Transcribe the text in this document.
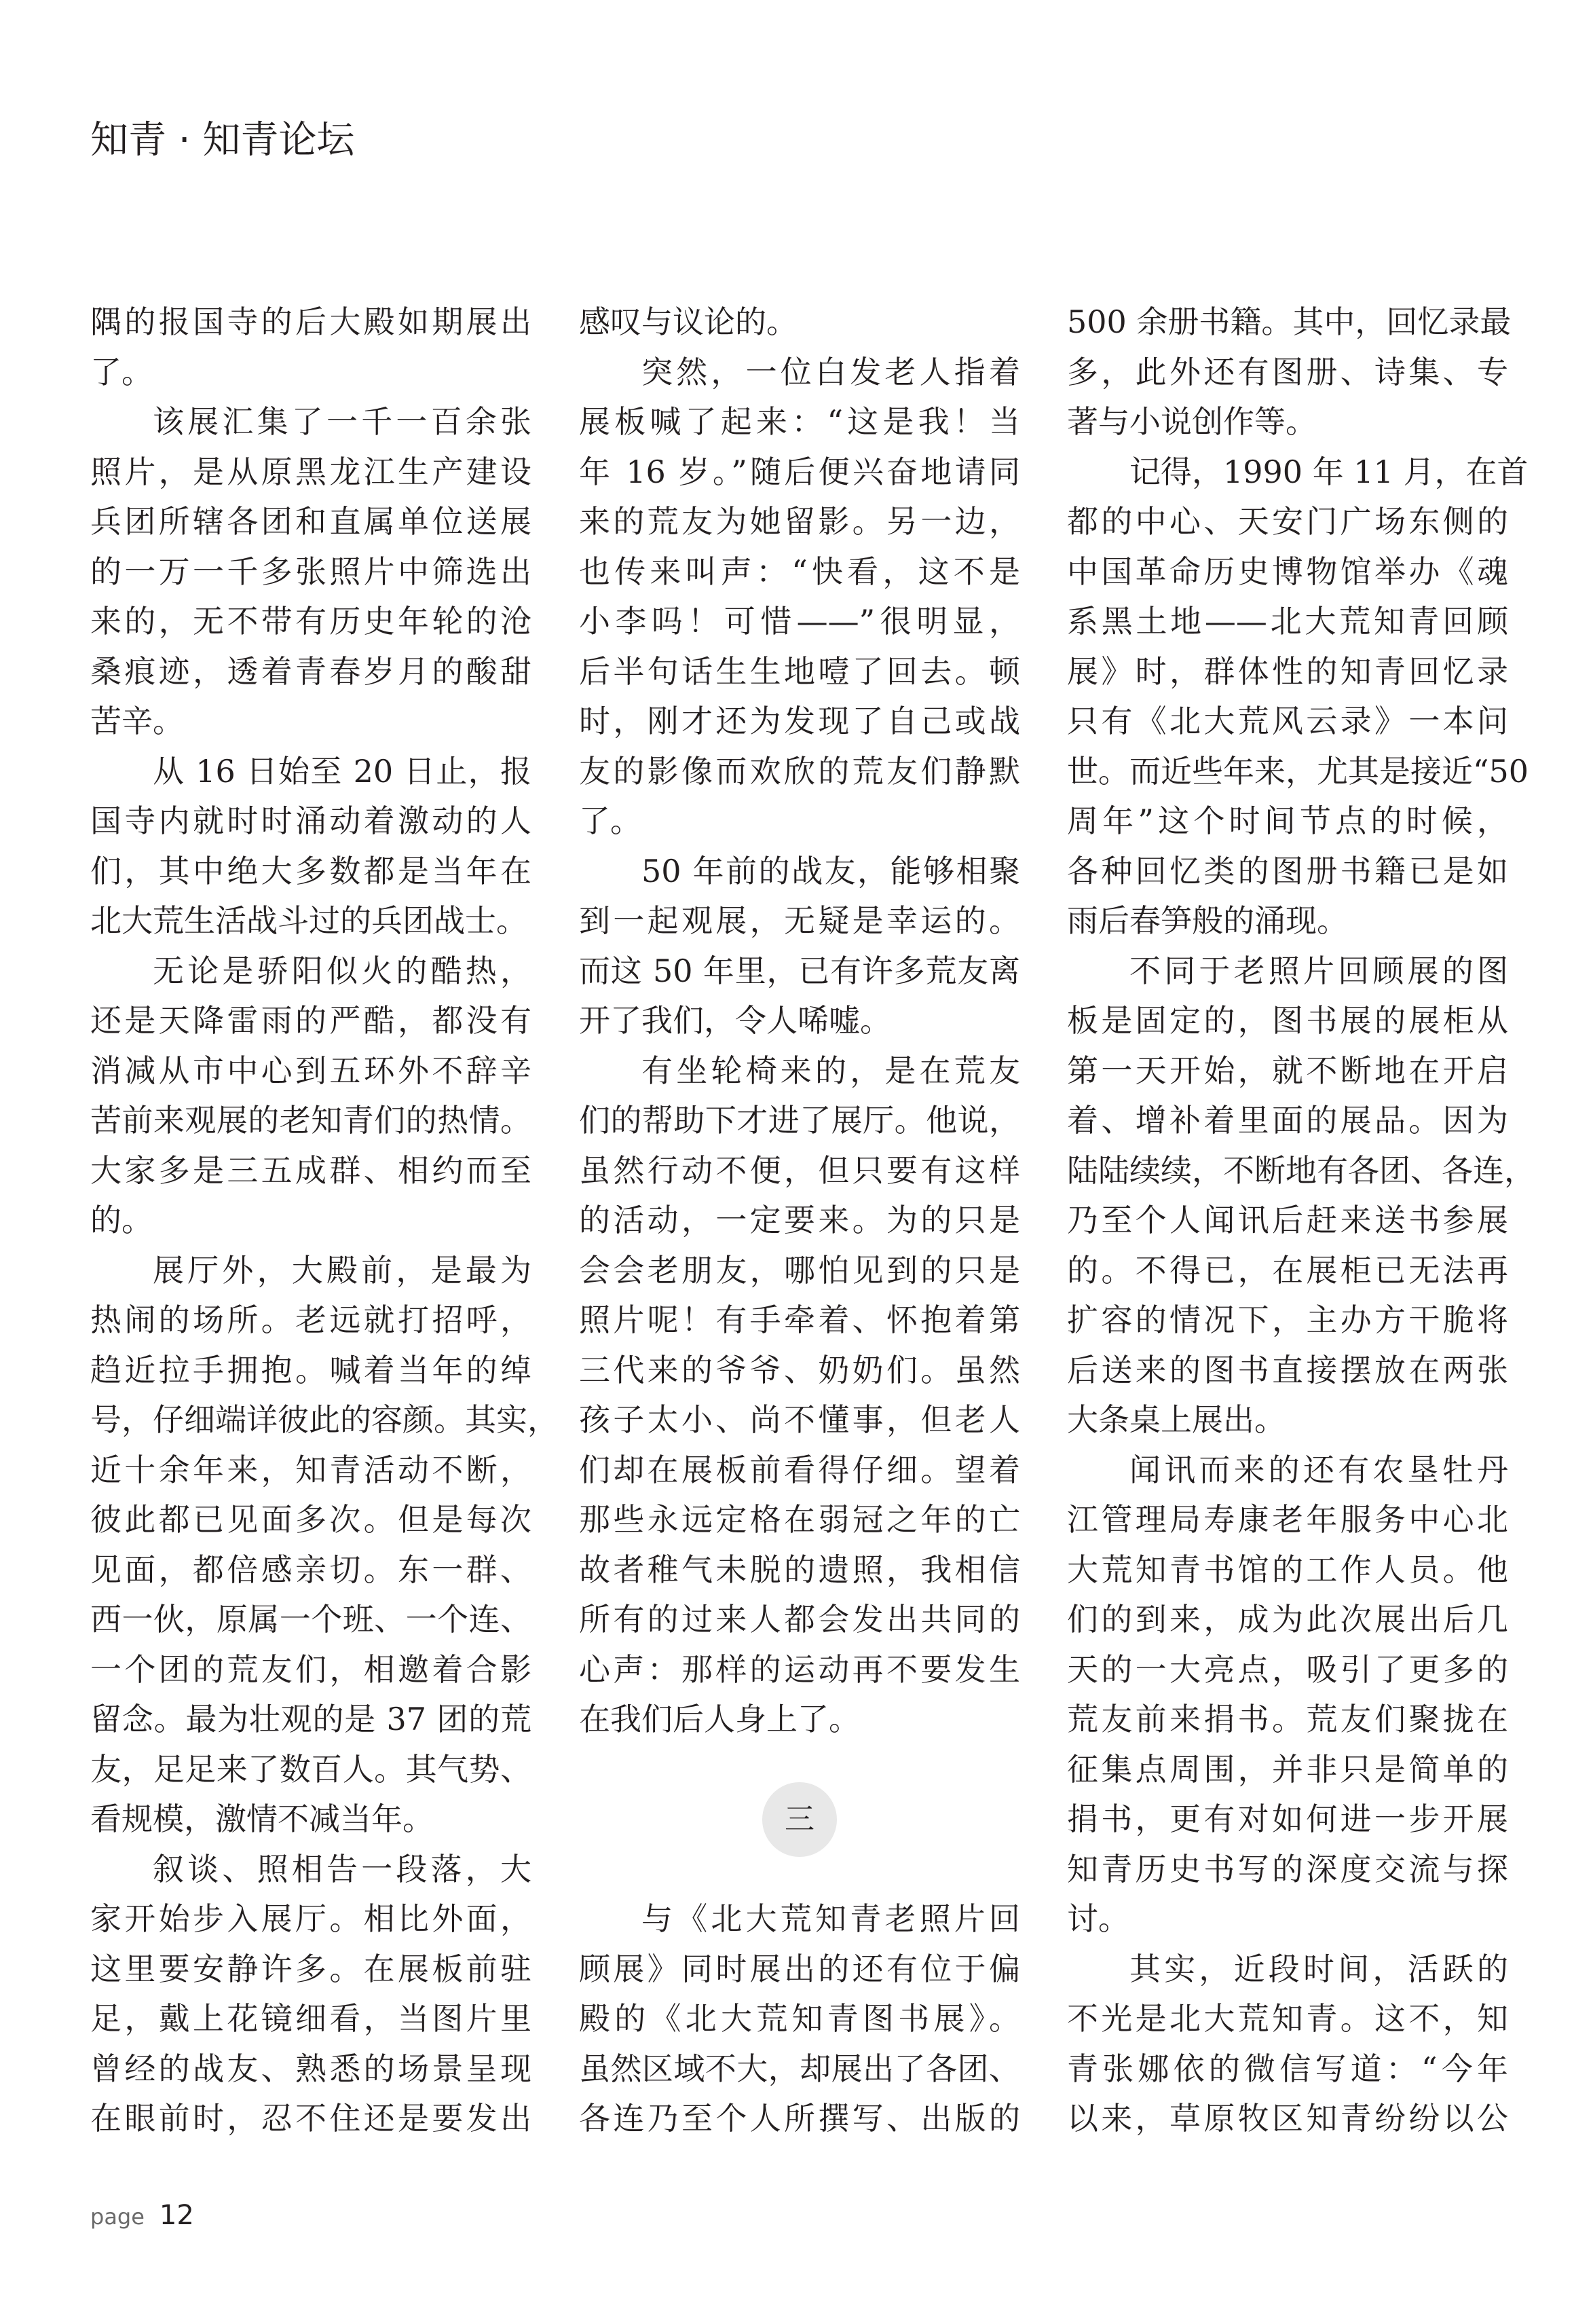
知青 · 知青论坛
隅的报国寺的后大殿如期展出
了。
该展汇集了一千一百余张
照片，是从原黑龙江生产建设
兵团所辖各团和直属单位送展
的一万一千多张照片中筛选出
来的，无不带有历史年轮的沧
桑痕迹，透着青春岁月的酸甜
苦辛。
从 16 日始至 20 日止，报
国寺内就时时涌动着激动的人
们，其中绝大多数都是当年在
北大荒生活战斗过的兵团战士。
无论是骄阳似火的酷热，
还是天降雷雨的严酷，都没有
消减从市中心到五环外不辞辛
苦前来观展的老知青们的热情。
大家多是三五成群、相约而至
的。
展厅外，大殿前，是最为
热闹的场所。老远就打招呼，
趋近拉手拥抱。喊着当年的绰
号，仔细端详彼此的容颜。其实，
近十余年来，知青活动不断，
彼此都已见面多次。但是每次
见面，都倍感亲切。东一群、
西一伙，原属一个班、一个连、
一个团的荒友们，相邀着合影
留念。最为壮观的是 37 团的荒
友，足足来了数百人。其气势、
看规模，激情不减当年。
叙谈、照相告一段落，大
家开始步入展厅。相比外面，
这里要安静许多。在展板前驻
足，戴上花镜细看，当图片里
曾经的战友、熟悉的场景呈现
在眼前时，忍不住还是要发出
感叹与议论的。
突然，一位白发老人指着
展板喊了起来：“这是我！当
年 16 岁。”随后便兴奋地请同
来的荒友为她留影。另一边，
也传来叫声：“快看，这不是
小李吗！可惜——”很明显，
后半句话生生地噎了回去。顿
时，刚才还为发现了自己或战
友的影像而欢欣的荒友们静默
了。
50 年前的战友，能够相聚
到一起观展，无疑是幸运的。
而这 50 年里，已有许多荒友离
开了我们，令人唏嘘。
有坐轮椅来的，是在荒友
们的帮助下才进了展厅。他说，
虽然行动不便，但只要有这样
的活动，一定要来。为的只是
会会老朋友，哪怕见到的只是
照片呢！有手牵着、怀抱着第
三代来的爷爷、奶奶们。虽然
孩子太小、尚不懂事，但老人
们却在展板前看得仔细。望着
那些永远定格在弱冠之年的亡
故者稚气未脱的遗照，我相信
所有的过来人都会发出共同的
心声：那样的运动再不要发生
在我们后人身上了。
三
与《北大荒知青老照片回
顾展》同时展出的还有位于偏
殿的《北大荒知青图书展》。
虽然区域不大，却展出了各团、
各连乃至个人所撰写、出版的
500 余册书籍。其中，回忆录最
多，此外还有图册、诗集、专
著与小说创作等。
记得，1990 年 11 月，在首
都的中心、天安门广场东侧的
中国革命历史博物馆举办《魂
系黑土地——北大荒知青回顾
展》时，群体性的知青回忆录
只有《北大荒风云录》一本问
世。而近些年来，尤其是接近“50
周年”这个时间节点的时候，
各种回忆类的图册书籍已是如
雨后春笋般的涌现。
不同于老照片回顾展的图
板是固定的，图书展的展柜从
第一天开始，就不断地在开启
着、增补着里面的展品。因为
陆陆续续，不断地有各团、各连，
乃至个人闻讯后赶来送书参展
的。不得已，在展柜已无法再
扩容的情况下，主办方干脆将
后送来的图书直接摆放在两张
大条桌上展出。
闻讯而来的还有农垦牡丹
江管理局寿康老年服务中心北
大荒知青书馆的工作人员。他
们的到来，成为此次展出后几
天的一大亮点，吸引了更多的
荒友前来捐书。荒友们聚拢在
征集点周围，并非只是简单的
捐书，更有对如何进一步开展
知青历史书写的深度交流与探
讨。
其实，近段时间，活跃的
不光是北大荒知青。这不，知
青张娜依的微信写道：“今年
以来，草原牧区知青纷纷以公
page 12
